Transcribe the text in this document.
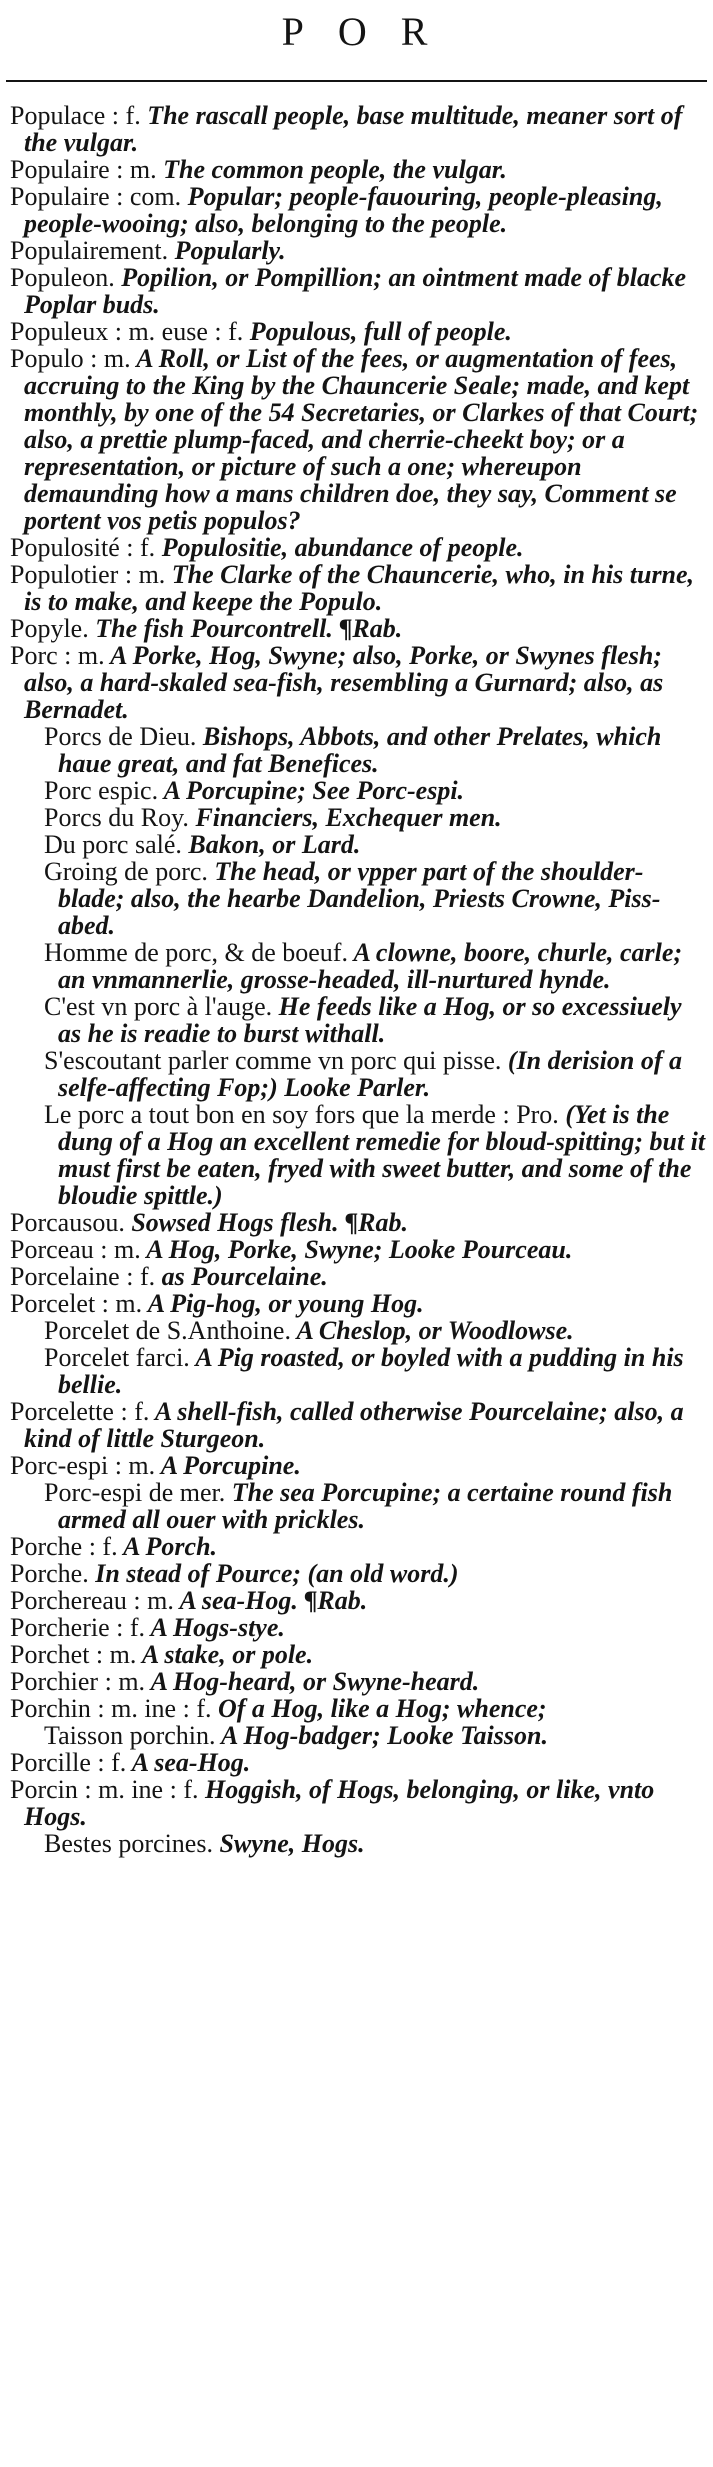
POR

Populace : f. The rascall people, base multitude, meaner sort of the vulgar.

Populaire : m. The common people, the vulgar.

Populaire : com. Popular; people-fauouring, people-pleasing, people-wooing; also, belonging to the people.

Populairement. Popularly.

Populeon. Popilion, or Pompillion; an ointment made of blacke Poplar buds.

Populeux : m. euse : f. Populous, full of people.

Populo : m. A Roll, or List of the fees, or augmentation of fees, accruing to the King by the Chauncerie Seale; made, and kept monthly, by one of the 54 Secretaries, or Clarkes of that Court; also, a prettie plump-faced, and cherrie-cheekt boy; or a representation, or picture of such a one; whereupon demaunding how a mans children doe, they say, Comment se portent vos petis populos?

Populosité : f. Populositie, abundance of people.

Populotier : m. The Clarke of the Chauncerie, who, in his turne, is to make, and keepe the Populo.

Popyle. The fish Pourcontrell. ¶Rab.

Porc : m. A Porke, Hog, Swyne; also, Porke, or Swynes flesh; also, a hard-skaled sea-fish, resembling a Gurnard; also, as Bernadet.

Porcs de Dieu. Bishops, Abbots, and other Prelates, which haue great, and fat Benefices.

Porc espic. A Porcupine; See Porc-espi.

Porcs du Roy. Financiers, Exchequer men.

Du porc salé. Bakon, or Lard.

Groing de porc. The head, or vpper part of the shoulder-blade; also, the hearbe Dandelion, Priests Crowne, Piss-abed.

Homme de porc, & de boeuf. A clowne, boore, churle, carle; an vnmannerlie, grosse-headed, ill-nurtured hynde.

C'est vn porc à l'auge. He feeds like a Hog, or so excessiuely as he is readie to burst withall.

S'escoutant parler comme vn porc qui pisse. (In derision of a selfe-affecting Fop;) Looke Parler.

Le porc a tout bon en soy fors que la merde : Pro. (Yet is the dung of a Hog an excellent remedie for bloud-spitting; but it must first be eaten, fryed with sweet butter, and some of the bloudie spittle.)

Porcausou. Sowsed Hogs flesh. ¶Rab.

Porceau : m. A Hog, Porke, Swyne; Looke Pourceau.

Porcelaine : f. as Pourcelaine.

Porcelet : m. A Pig-hog, or young Hog.

Porcelet de S.Anthoine. A Cheslop, or Woodlowse.

Porcelet farci. A Pig roasted, or boyled with a pudding in his bellie.

Porcelette : f. A shell-fish, called otherwise Pourcelaine; also, a kind of little Sturgeon.

Porc-espi : m. A Porcupine.

Porc-espi de mer. The sea Porcupine; a certaine round fish armed all ouer with prickles.

Porche : f. A Porch.

Porche. In stead of Pource; (an old word.)

Porchereau : m. A sea-Hog. ¶Rab.

Porcherie : f. A Hogs-stye.

Porchet : m. A stake, or pole.

Porchier : m. A Hog-heard, or Swyne-heard.

Porchin : m. ine : f. Of a Hog, like a Hog; whence;

Taisson porchin. A Hog-badger; Looke Taisson.

Porcille : f. A sea-Hog.

Porcin : m. ine : f. Hoggish, of Hogs, belonging, or like, vnto Hogs.

Bestes porcines. Swyne, Hogs.
